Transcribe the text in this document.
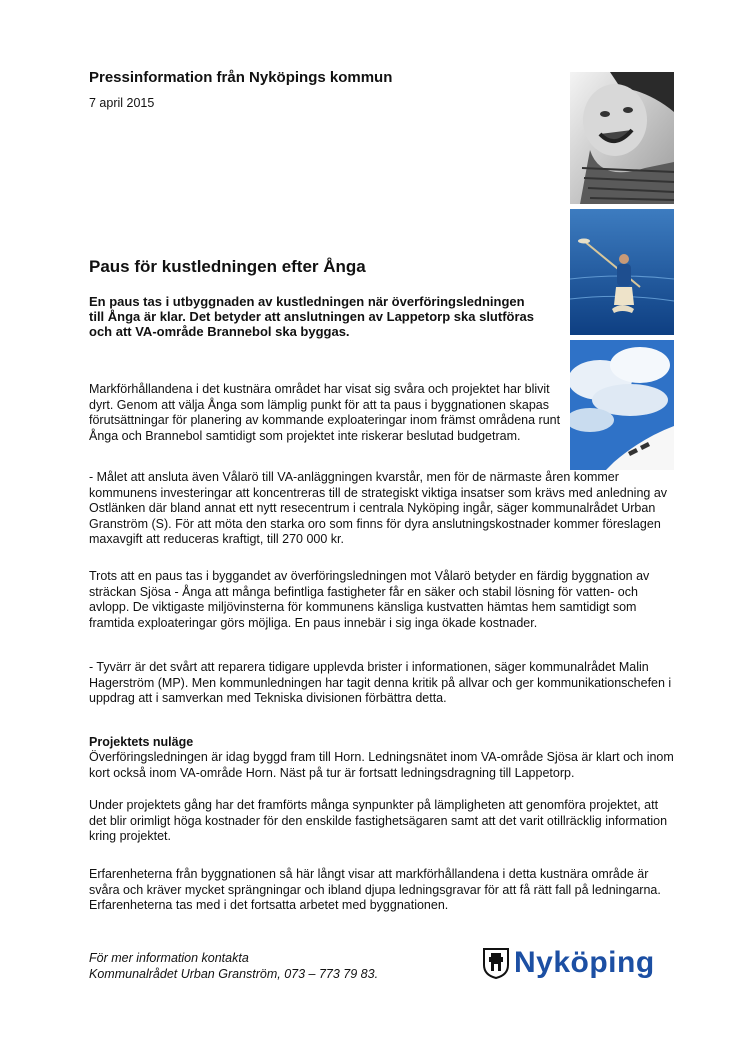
Pressinformation från Nyköpings kommun
7 april 2015
Paus för kustledningen efter Ånga
En paus tas i utbyggnaden av kustledningen när överföringsledningen till Ånga är klar. Det betyder att anslutningen av Lappetorp ska slutföras och att VA-område Brannebol ska byggas.

Markförhållandena i det kustnära området har visat sig svåra och projektet har blivit dyrt. Genom att välja Ånga som lämplig punkt för att ta paus i byggnationen skapas förutsättningar för planering av kommande exploateringar inom främst områdena runt Ånga och Brannebol samtidigt som projektet inte riskerar beslutad budgetram.

- Målet att ansluta även Vålarö till VA-anläggningen kvarstår, men för de närmaste åren kommer kommunens investeringar att koncentreras till de strategiskt viktiga insatser som krävs med anledning av Ostlänken där bland annat ett nytt resecentrum i centrala Nyköping ingår, säger kommunalrådet Urban Granström (S). För att möta den starka oro som finns för dyra anslutningskostnader kommer föreslagen maxavgift att reduceras kraftigt, till 270 000 kr.

Trots att en paus tas i byggandet av överföringsledningen mot Vålarö betyder en färdig byggnation av sträckan Sjösa - Ånga att många befintliga fastigheter får en säker och stabil lösning för vatten- och avlopp. De viktigaste miljövinsterna för kommunens känsliga kustvatten hämtas hem samtidigt som framtida exploateringar görs möjliga. En paus innebär i sig inga ökade kostnader.

- Tyvärr är det svårt att reparera tidigare upplevda brister i informationen, säger kommunalrådet Malin Hagerström (MP). Men kommunledningen har tagit denna kritik på allvar och ger kommunikationschefen i uppdrag att i samverkan med Tekniska divisionen förbättra detta.

Projektets nuläge

Överföringsledningen är idag byggd fram till Horn. Ledningsnätet inom VA-område Sjösa är klart och inom kort också inom VA-område Horn. Näst på tur är fortsatt ledningsdragning till Lappetorp.

Under projektets gång har det framförts många synpunkter på lämpligheten att genomföra projektet, att det blir orimligt höga kostnader för den enskilde fastighetsägaren samt att det varit otillräcklig information kring projektet.

Erfarenheterna från byggnationen så här långt visar att markförhållandena i detta kustnära område är svåra och kräver mycket sprängningar och ibland djupa ledningsgravar för att få rätt fall på ledningarna. Erfarenheterna tas med i det fortsatta arbetet med byggnationen.

För mer information kontakta
Kommunalrådet Urban Granström, 073 – 773 79 83.	Nyköping
